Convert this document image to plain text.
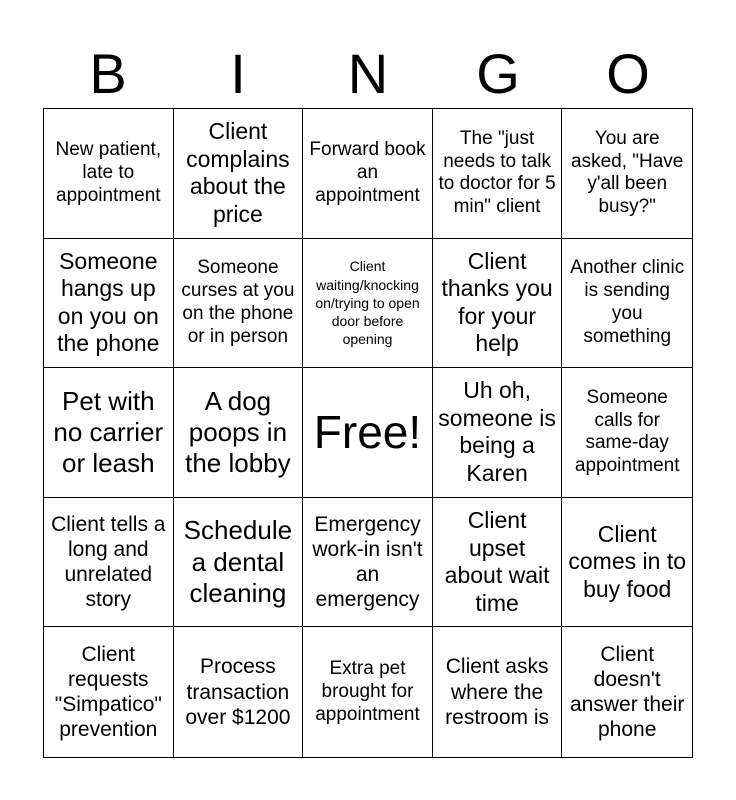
B	I	N	G	O
New patient, late to appointment
Client complains about the price
Forward book an appointment
The "just needs to talk to doctor for 5 min" client
You are asked, "Have y'all been busy?"
Someone hangs up on you on the phone
Someone curses at you on the phone or in person
Client waiting/knocking on/trying to open door before opening
Client thanks you for your help
Another clinic is sending you something
Pet with no carrier or leash
A dog poops in the lobby
Free!
Uh oh, someone is being a Karen
Someone calls for same-day appointment
Client tells a long and unrelated story
Schedule a dental cleaning
Emergency work-in isn't an emergency
Client upset about wait time
Client comes in to buy food
Client requests "Simpatico" prevention
Process transaction over $1200
Extra pet brought for appointment
Client asks where the restroom is
Client doesn't answer their phone
